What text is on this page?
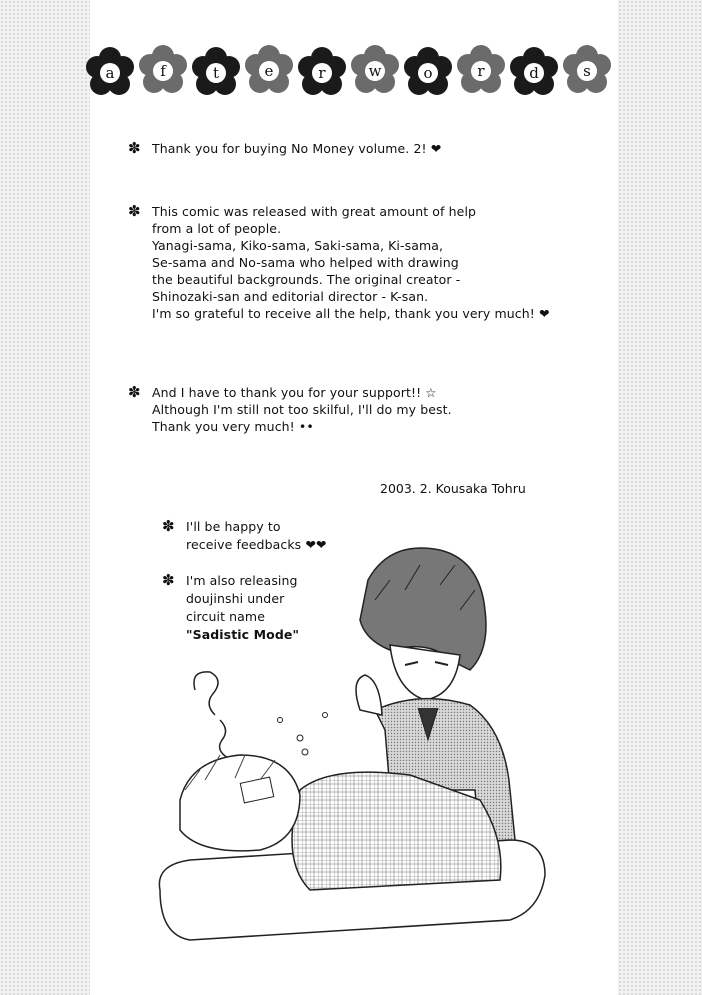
a	f	t	e	r	w	o	r	d	s
✽ Thank you for buying No Money volume. 2! ❤
✽ This comic was released with great amount of help
from a lot of people.
Yanagi-sama, Kiko-sama, Saki-sama, Ki-sama,
Se-sama and No-sama who helped with drawing
the beautiful backgrounds. The original creator -
Shinozaki-san and editorial director - K-san.
I'm so grateful to receive all the help, thank you very much! ❤
✽ And I have to thank you for your support!! ☆
Although I'm still not too skilful, I'll do my best.
Thank you very much! ••
2003. 2. Kousaka Tohru
✽ I'll be happy to
receive feedbacks ❤❤
✽ I'm also releasing
doujinshi under
circuit name
"Sadistic Mode"
